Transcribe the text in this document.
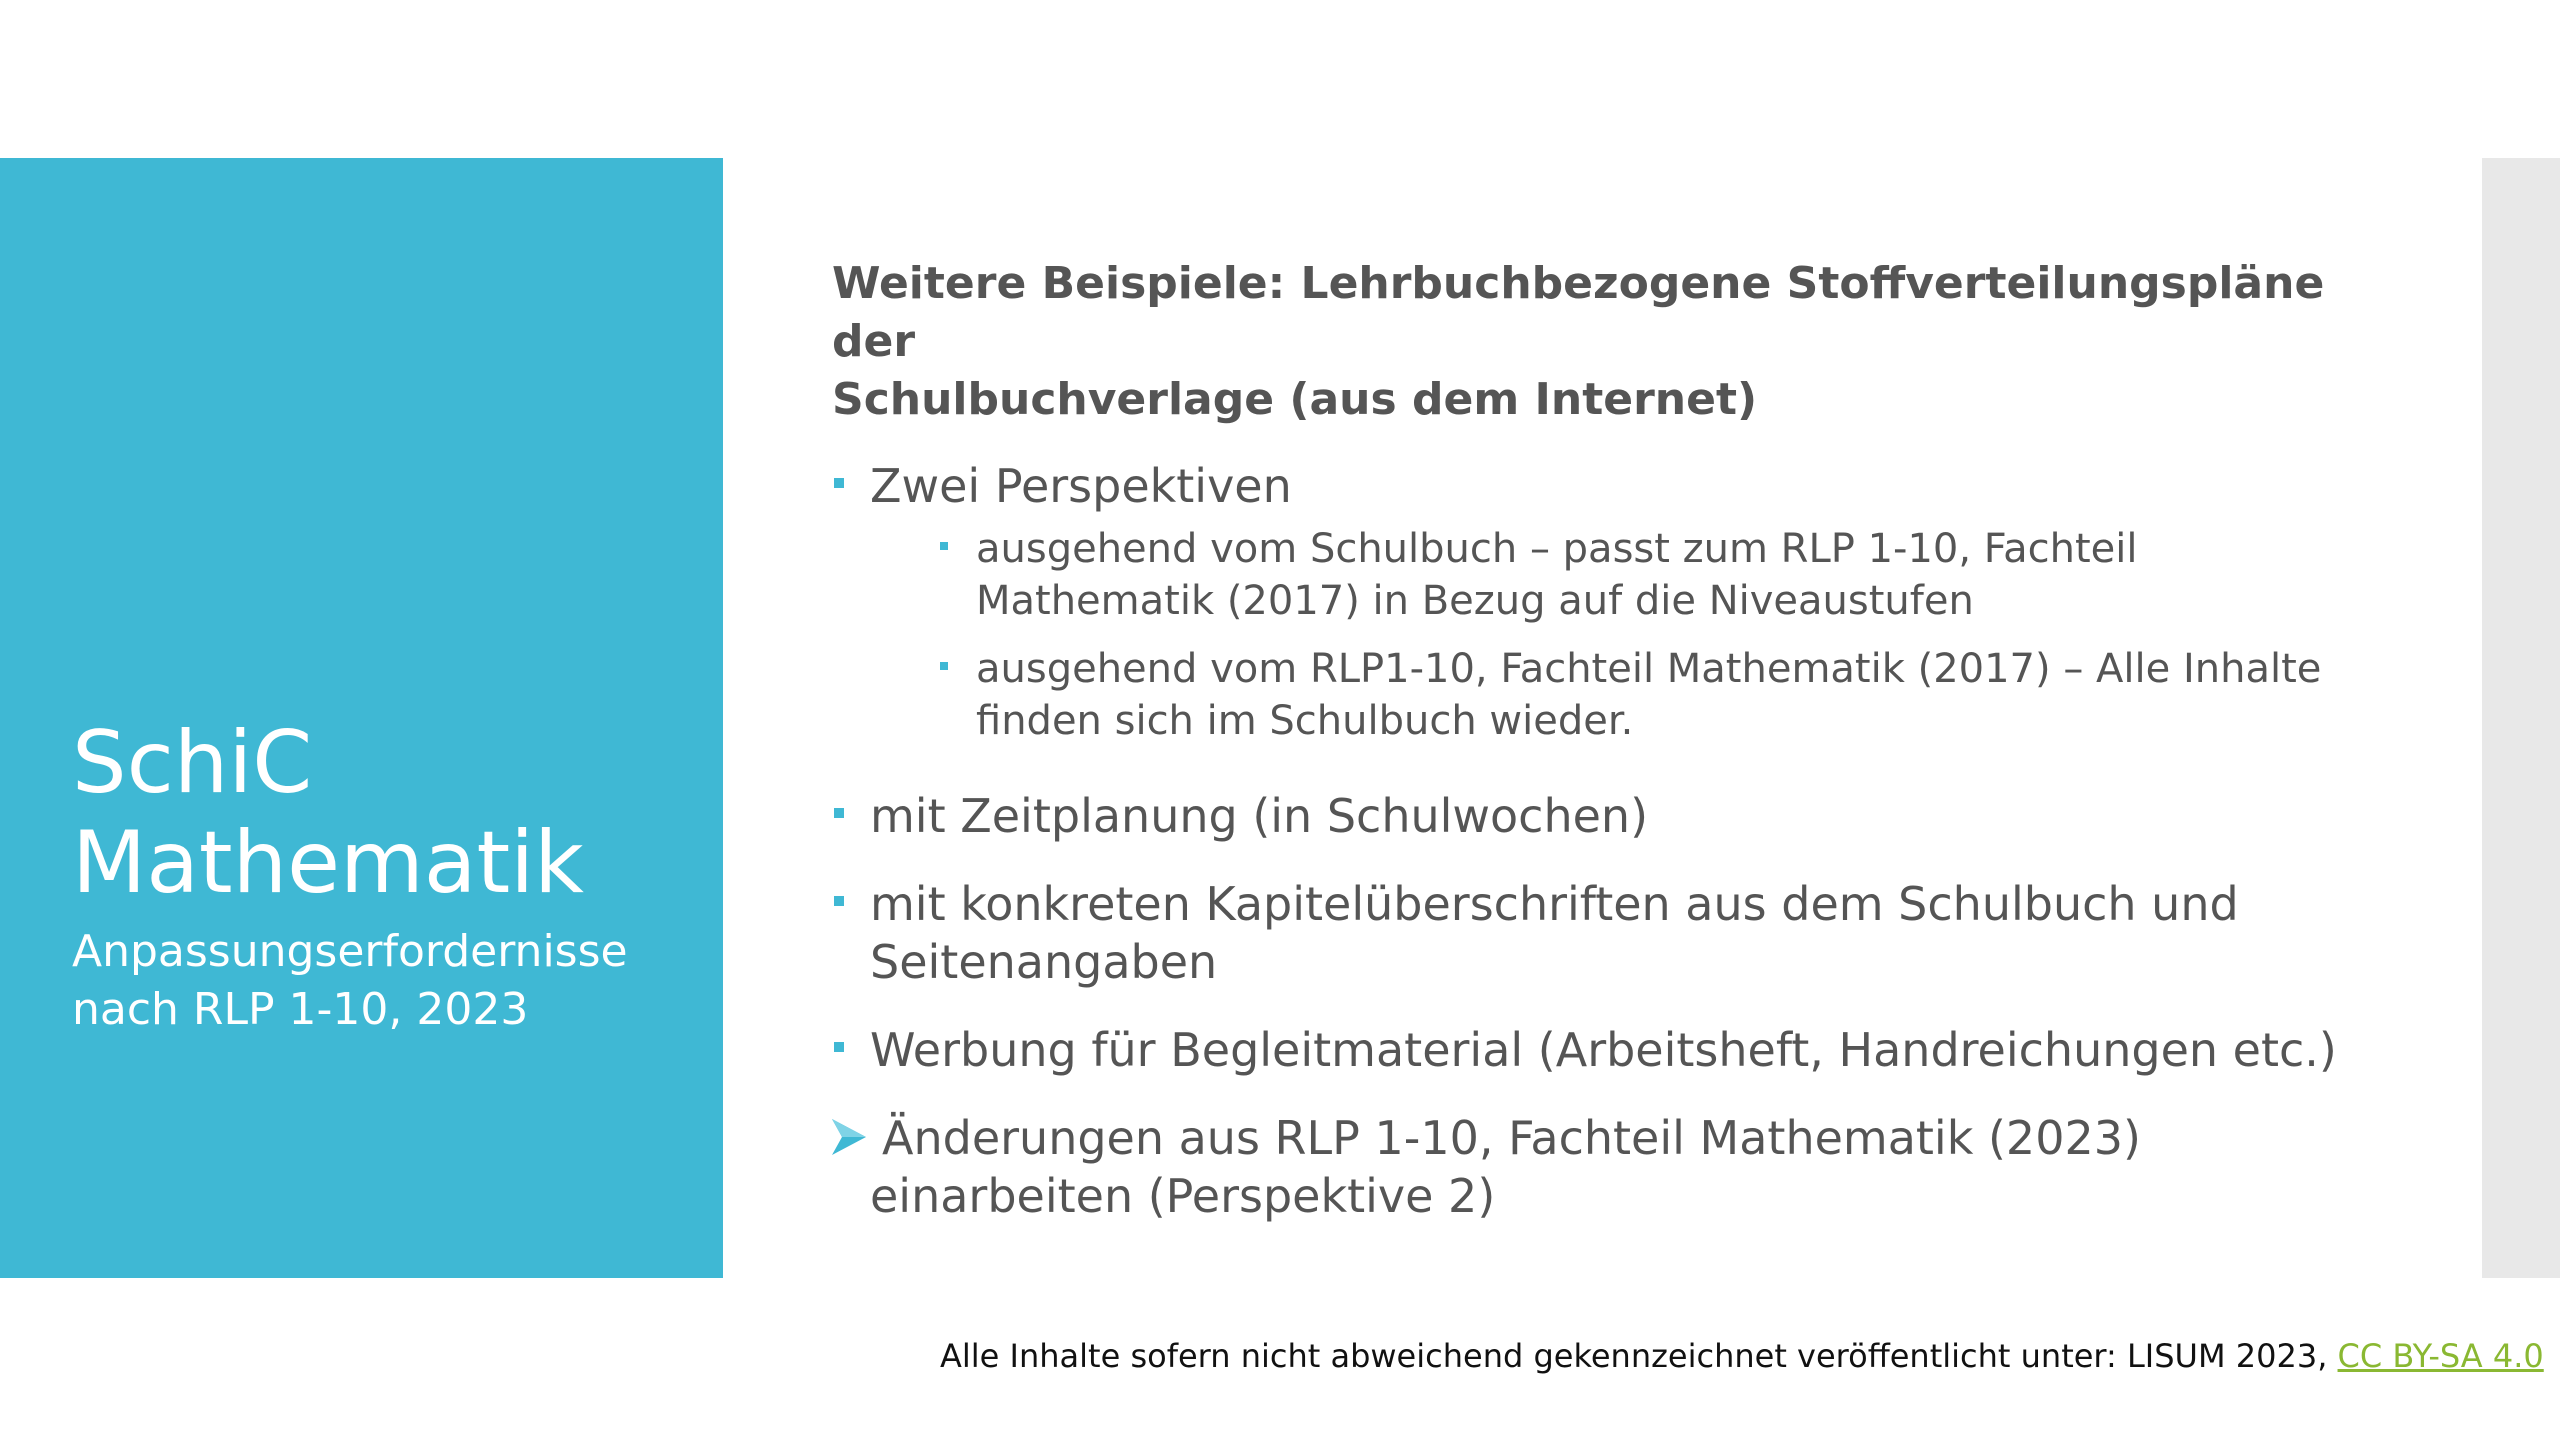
SchiC
Mathematik
Anpassungserfordernisse
nach RLP 1-10, 2023
Weitere Beispiele: Lehrbuchbezogene Stoffverteilungspläne der
Schulbuchverlage (aus dem Internet)
Zwei Perspektiven
ausgehend vom Schulbuch – passt zum RLP 1-10, Fachteil
Mathematik (2017) in Bezug auf die Niveaustufen
ausgehend vom RLP1-10, Fachteil Mathematik (2017) – Alle Inhalte
finden sich im Schulbuch wieder.
mit Zeitplanung (in Schulwochen)
mit konkreten Kapitelüberschriften aus dem Schulbuch und
Seitenangaben
Werbung für Begleitmaterial (Arbeitsheft, Handreichungen etc.)
Änderungen aus RLP 1-10, Fachteil Mathematik (2023)
einarbeiten (Perspektive 2)
Alle Inhalte sofern nicht abweichend gekennzeichnet veröffentlicht unter: LISUM 2023, CC BY-SA 4.0
